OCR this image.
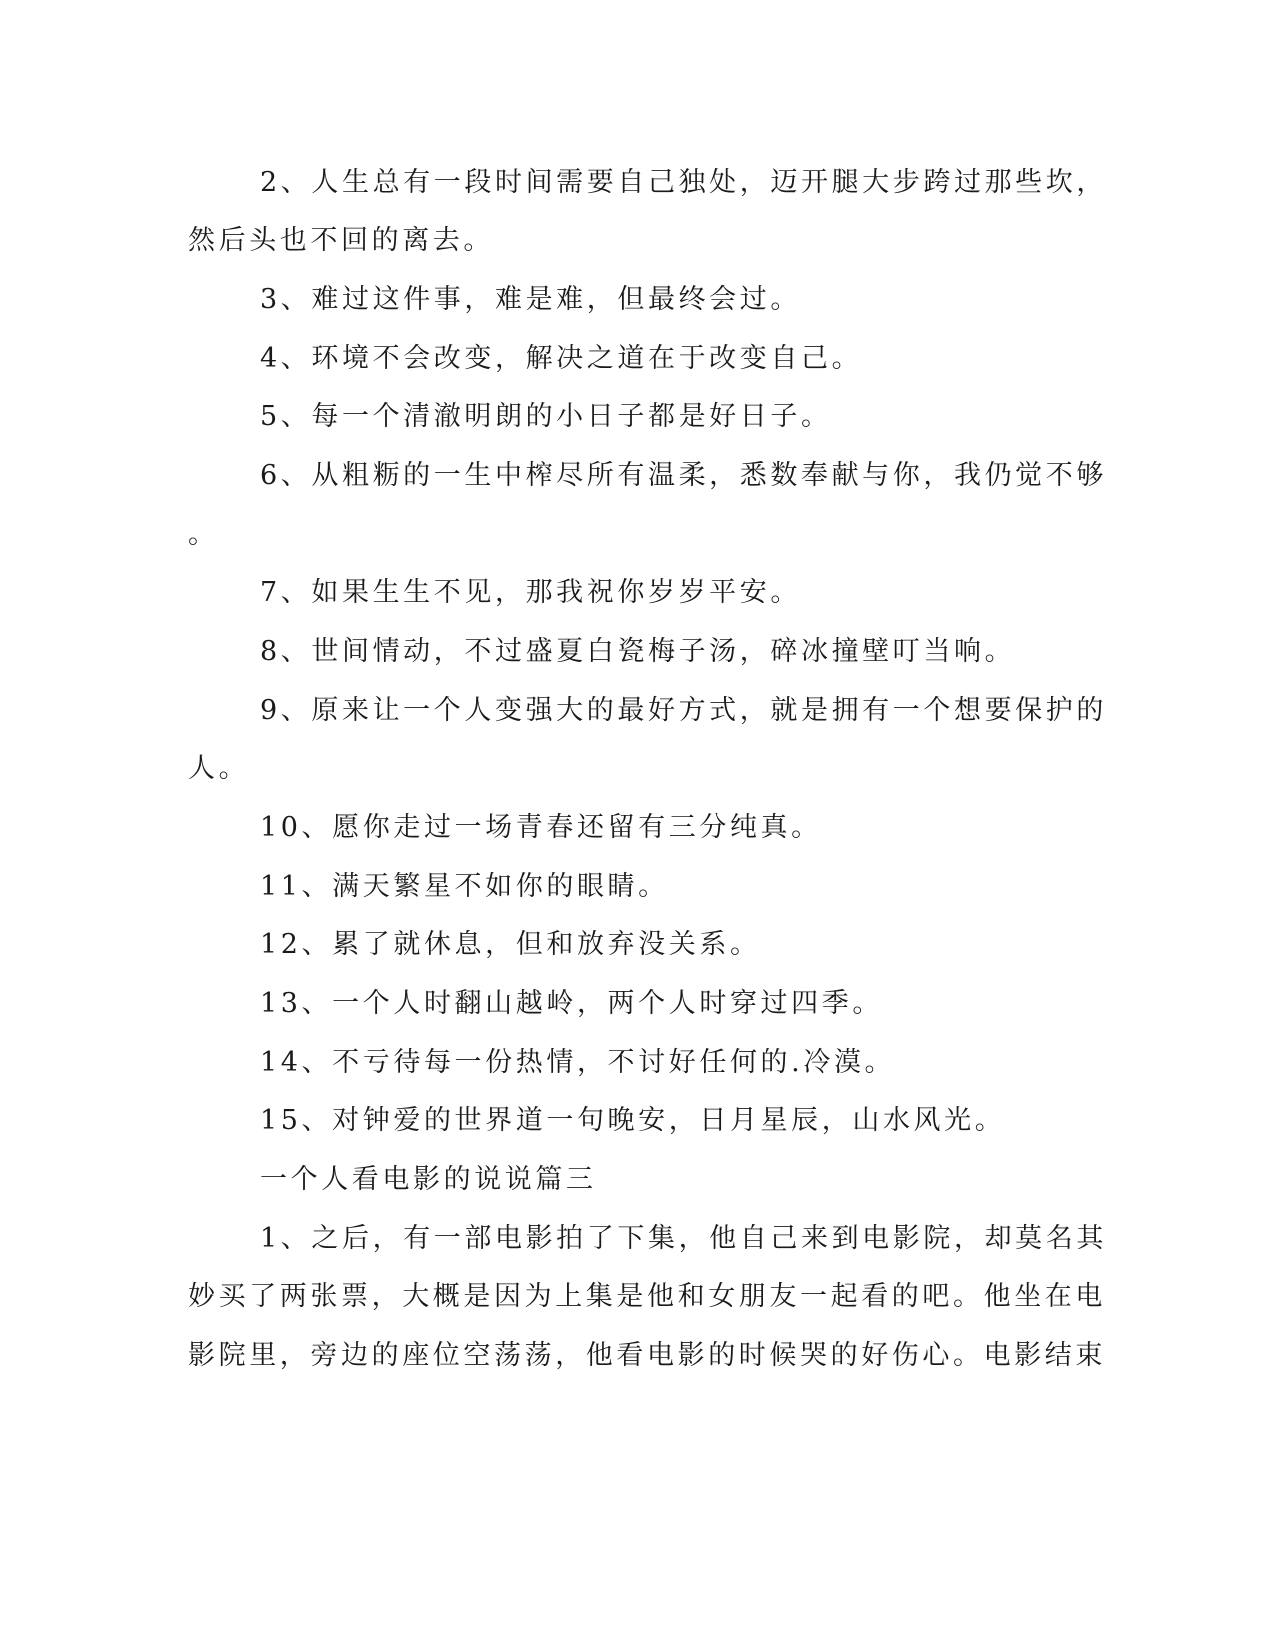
2、人生总有一段时间需要自己独处，迈开腿大步跨过那些坎，
然后头也不回的离去。
3、难过这件事，难是难，但最终会过。
4、环境不会改变，解决之道在于改变自己。
5、每一个清澈明朗的小日子都是好日子。
6、从粗粝的一生中榨尽所有温柔，悉数奉献与你，我仍觉不够
。
7、如果生生不见，那我祝你岁岁平安。
8、世间情动，不过盛夏白瓷梅子汤，碎冰撞壁叮当响。
9、原来让一个人变强大的最好方式，就是拥有一个想要保护的
人。
10、愿你走过一场青春还留有三分纯真。
11、满天繁星不如你的眼睛。
12、累了就休息，但和放弃没关系。
13、一个人时翻山越岭，两个人时穿过四季。
14、不亏待每一份热情，不讨好任何的.冷漠。
15、对钟爱的世界道一句晚安，日月星辰，山水风光。
一个人看电影的说说篇三
1、之后，有一部电影拍了下集，他自己来到电影院，却莫名其
妙买了两张票，大概是因为上集是他和女朋友一起看的吧。他坐在电
影院里，旁边的座位空荡荡，他看电影的时候哭的好伤心。电影结束
